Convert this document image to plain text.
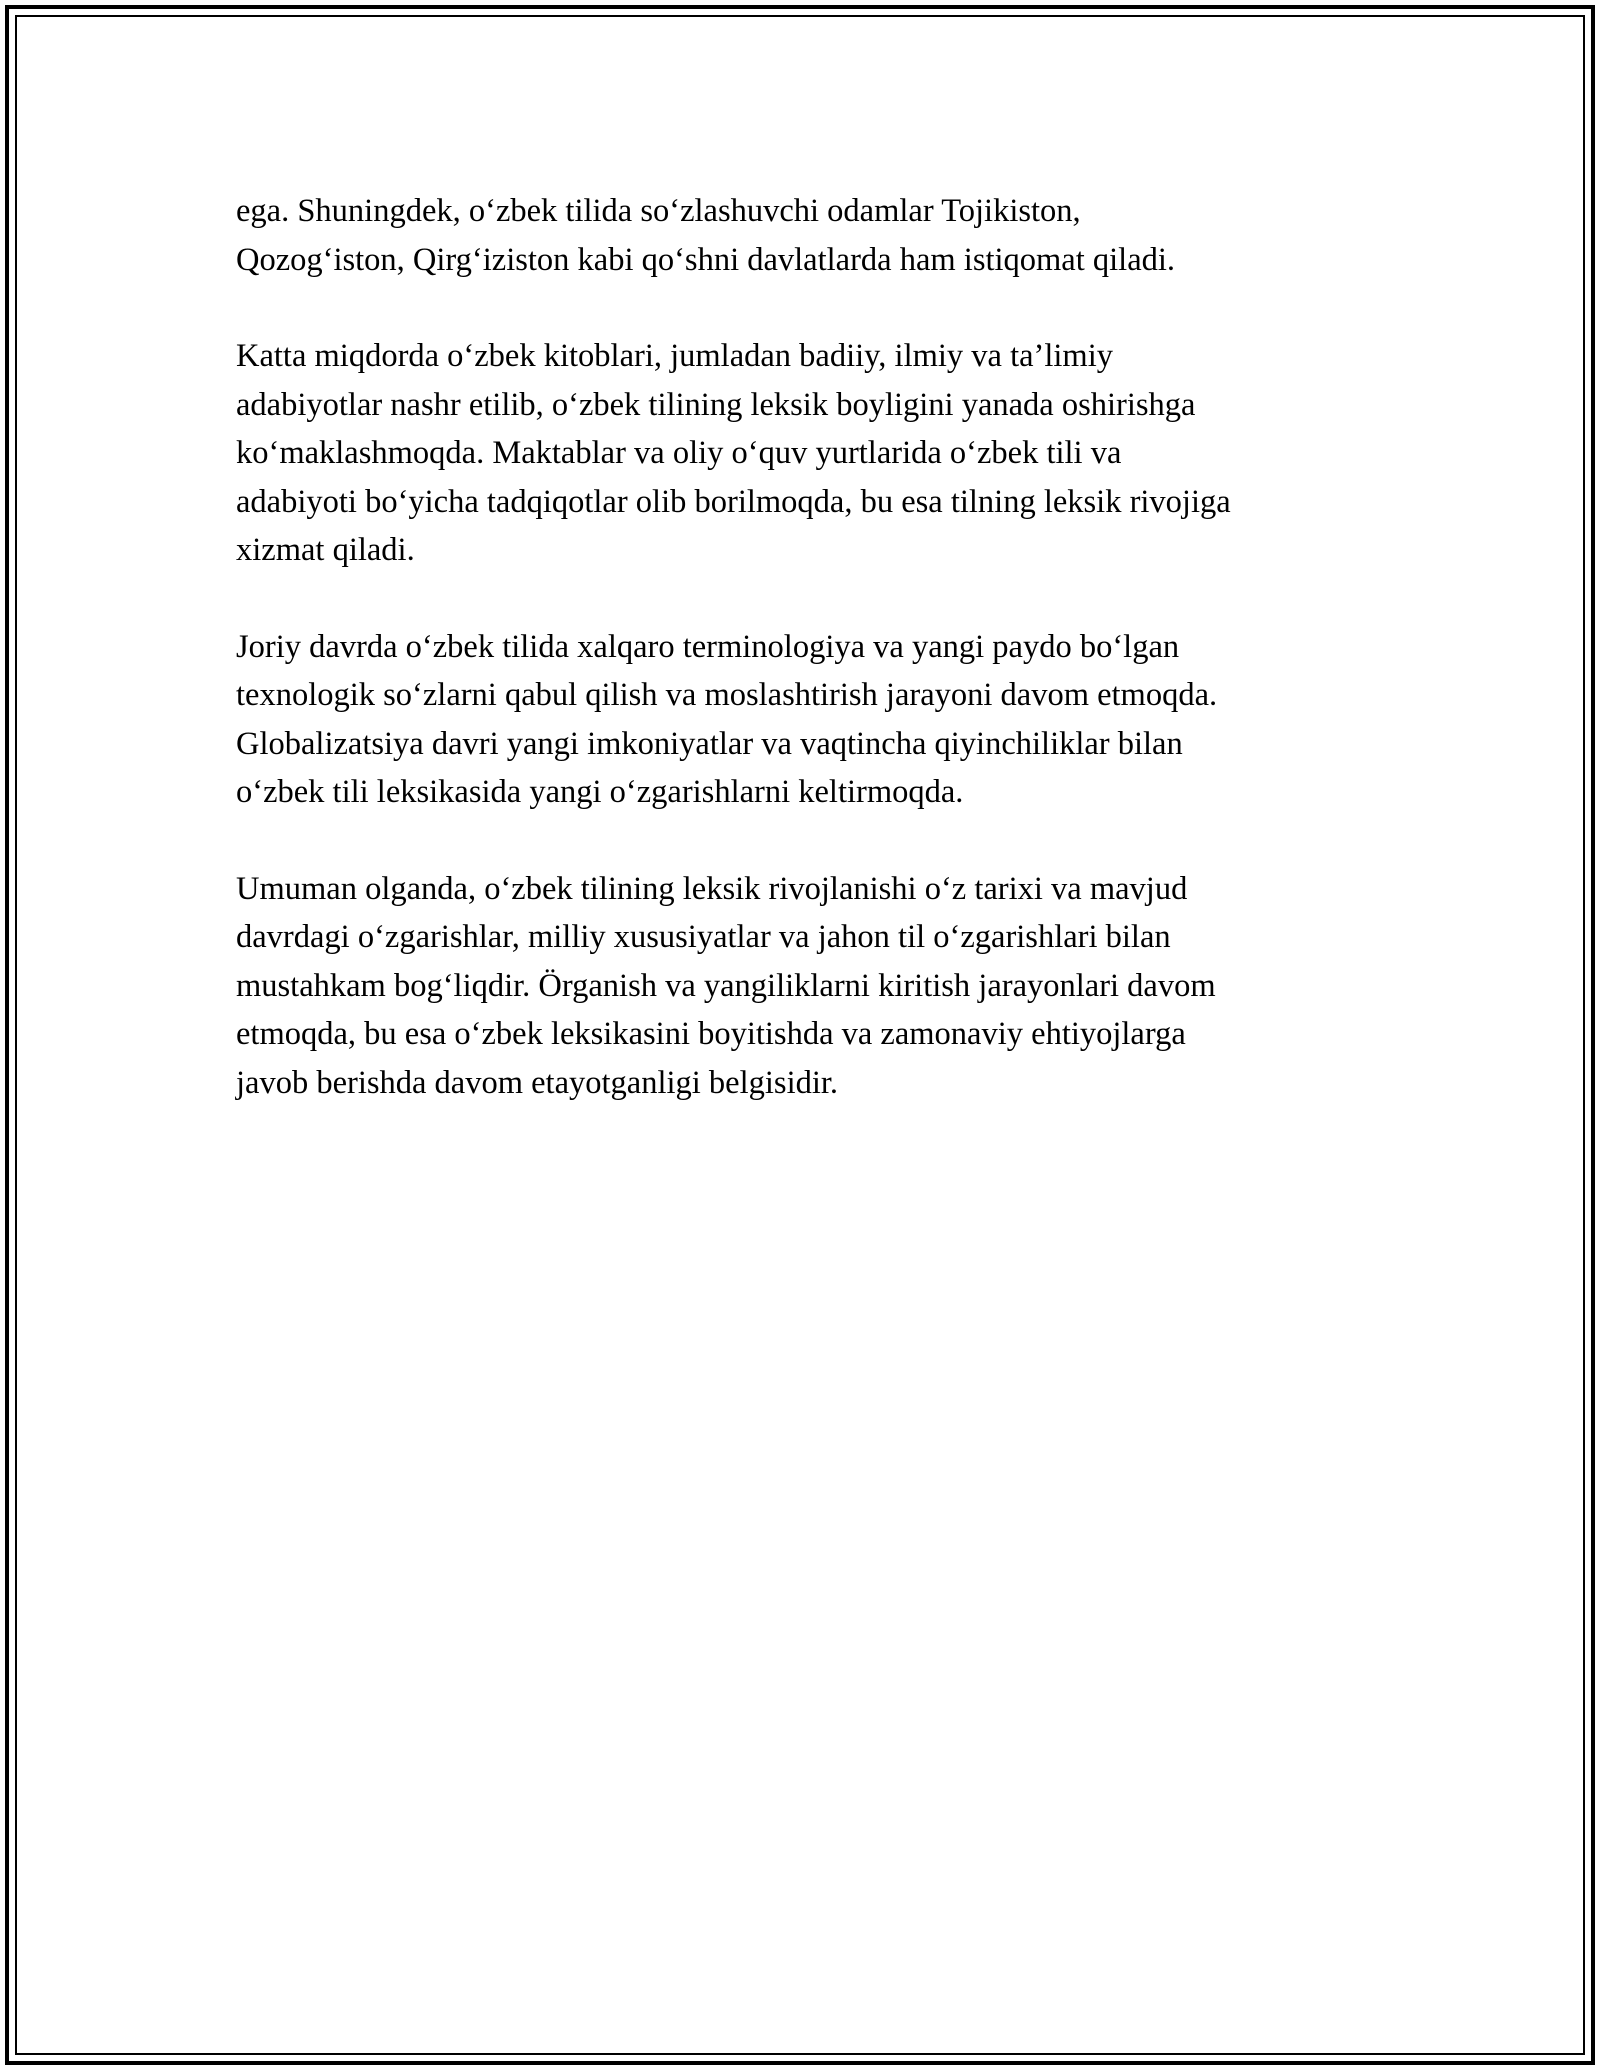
ega. Shuningdek, o‘zbek tilida so‘zlashuvchi odamlar Tojikiston,
Qozog‘iston, Qirg‘iziston kabi qo‘shni davlatlarda ham istiqomat qiladi.

Katta miqdorda o‘zbek kitoblari, jumladan badiiy, ilmiy va ta’limiy
adabiyotlar nashr etilib, o‘zbek tilining leksik boyligini yanada oshirishga
ko‘maklashmoqda. Maktablar va oliy o‘quv yurtlarida o‘zbek tili va
adabiyoti bo‘yicha tadqiqotlar olib borilmoqda, bu esa tilning leksik rivojiga
xizmat qiladi.

Joriy davrda o‘zbek tilida xalqaro terminologiya va yangi paydo bo‘lgan
texnologik so‘zlarni qabul qilish va moslashtirish jarayoni davom etmoqda.
Globalizatsiya davri yangi imkoniyatlar va vaqtincha qiyinchiliklar bilan
o‘zbek tili leksikasida yangi o‘zgarishlarni keltirmoqda.

Umuman olganda, o‘zbek tilining leksik rivojlanishi o‘z tarixi va mavjud
davrdagi o‘zgarishlar, milliy xususiyatlar va jahon til o‘zgarishlari bilan
mustahkam bog‘liqdir. Örganish va yangiliklarni kiritish jarayonlari davom
etmoqda, bu esa o‘zbek leksikasini boyitishda va zamonaviy ehtiyojlarga
javob berishda davom etayotganligi belgisidir.
